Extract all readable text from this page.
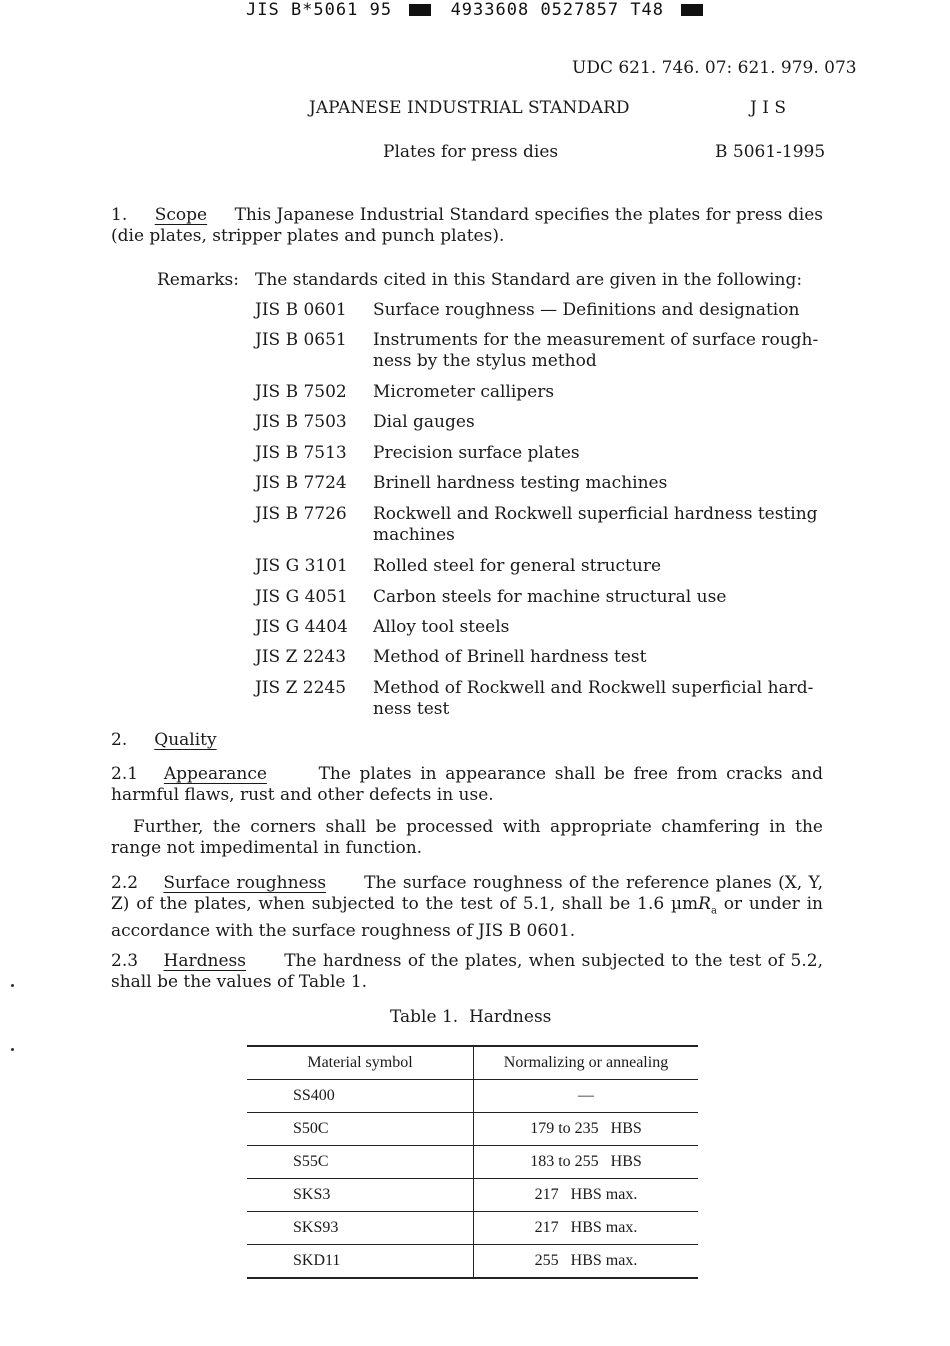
JIS B*5061 95	4933608 0527857 T48
UDC 621. 746. 07: 621. 979. 073
JAPANESE INDUSTRIAL STANDARD	J I S
Plates for press dies	B 5061-1995
1. Scope This Japanese Industrial Standard specifies the plates for press dies (die plates, stripper plates and punch plates).
Remarks: The standards cited in this Standard are given in the following:
JIS B 0601 Surface roughness — Definitions and designation
JIS B 0651 Instruments for the measurement of surface rough-ness by the stylus method
JIS B 7502 Micrometer callipers
JIS B 7503 Dial gauges
JIS B 7513 Precision surface plates
JIS B 7724 Brinell hardness testing machines
JIS B 7726 Rockwell and Rockwell superficial hardness testing machines
JIS G 3101 Rolled steel for general structure
JIS G 4051 Carbon steels for machine structural use
JIS G 4404 Alloy tool steels
JIS Z 2243 Method of Brinell hardness test
JIS Z 2245 Method of Rockwell and Rockwell superficial hard-ness test
2. Quality
2.1 Appearance	The plates in appearance shall be free from cracks and harmful flaws, rust and other defects in use.
Further, the corners shall be processed with appropriate chamfering in the range not impedimental in function.
2.2 Surface roughness The surface roughness of the reference planes (X, Y, Z) of the plates, when subjected to the test of 5.1, shall be 1.6 µmR$_a$ or under in accordance with the surface roughness of JIS B 0601.
2.3 Hardness The hardness of the plates, when subjected to the test of 5.2, shall be the values of Table 1.
Table 1.  Hardness
Material symbol	Normalizing or annealing
SS400	—
S50C	179 to 235   HBS
S55C	183 to 255   HBS
SKS3	217   HBS max.
SKS93	217   HBS max.
SKD11	255   HBS max.
